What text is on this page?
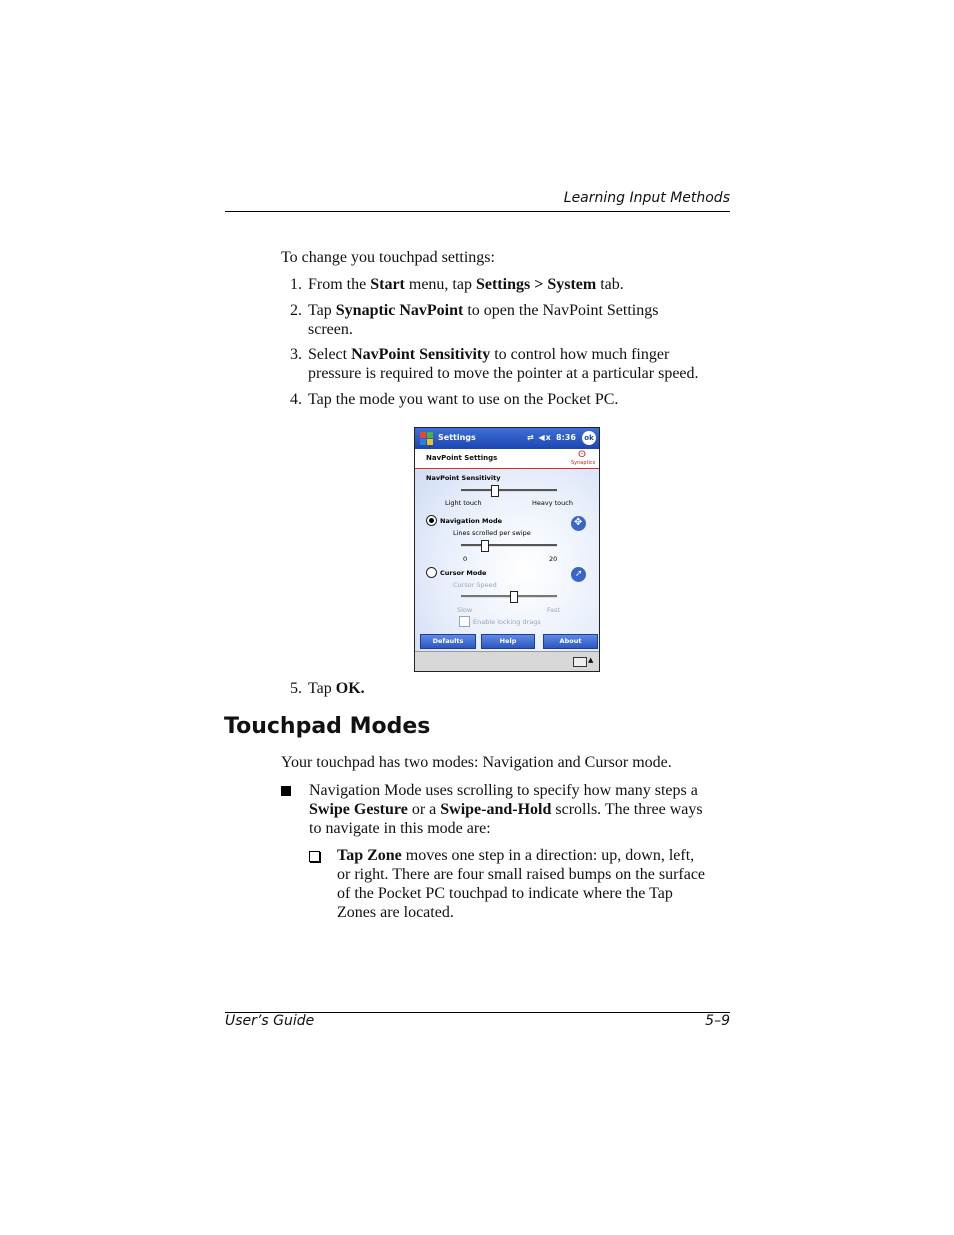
Learning Input Methods
To change you touchpad settings:
1. From the Start menu, tap Settings > System tab.
2. Tap Synaptic NavPoint to open the NavPoint Settings
screen.
3. Select NavPoint Sensitivity to control how much finger
pressure is required to move the pointer at a particular speed.
4. Tap the mode you want to use on the Pocket PC.
Settings	⇄ ◀x 8:36	ok
NavPoint Settings	ⵙ
Synaptics
NavPoint Sensitivity
Light touch	Heavy touch
Navigation Mode	✥
Lines scrolled per swipe
0	20
Cursor Mode	➚
Cursor Speed
Slow	Fast
Enable locking drags
Defaults	Help	About
▲
5. Tap OK.
Touchpad Modes
Your touchpad has two modes: Navigation and Cursor mode.
Navigation Mode uses scrolling to specify how many steps a
Swipe Gesture or a Swipe-and-Hold scrolls. The three ways
to navigate in this mode are:
Tap Zone moves one step in a direction: up, down, left,
or right. There are four small raised bumps on the surface
of the Pocket PC touchpad to indicate where the Tap
Zones are located.
User’s Guide	5–9
